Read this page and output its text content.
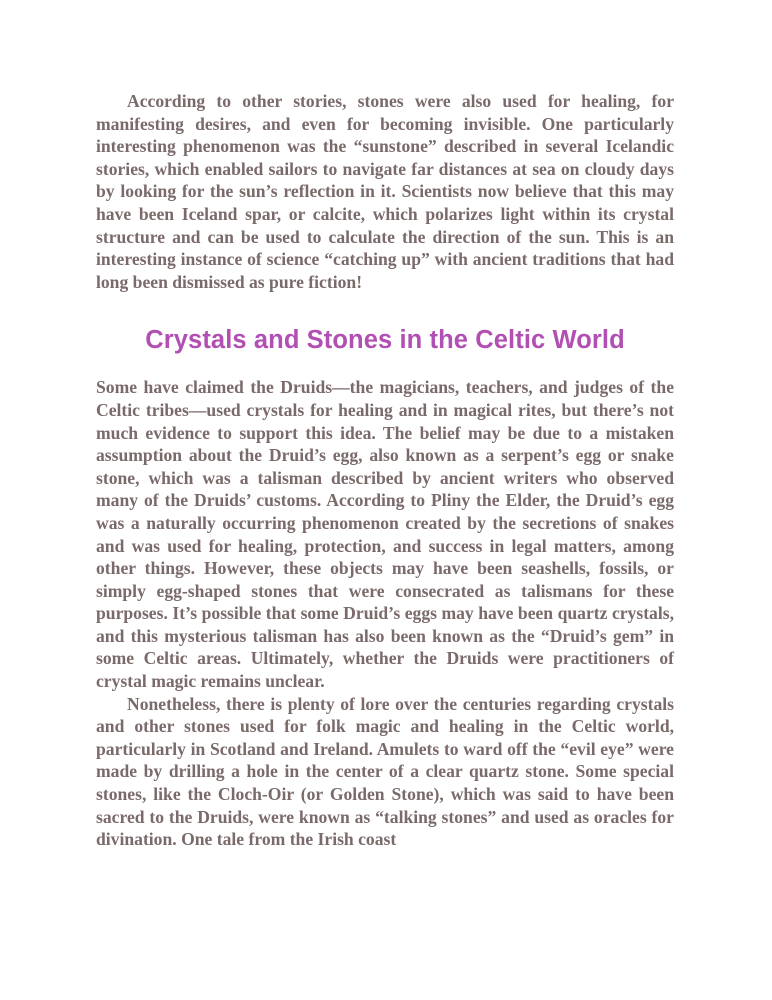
According to other stories, stones were also used for healing, for manifesting desires, and even for becoming invisible. One particularly interesting phenomenon was the “sunstone” described in several Icelandic stories, which enabled sailors to navigate far distances at sea on cloudy days by looking for the sun’s reflection in it. Scientists now believe that this may have been Iceland spar, or calcite, which polarizes light within its crystal structure and can be used to calculate the direction of the sun. This is an interesting instance of science “catching up” with ancient traditions that had long been dismissed as pure fiction!

Crystals and Stones in the Celtic World

Some have claimed the Druids—the magicians, teachers, and judges of the Celtic tribes—used crystals for healing and in magical rites, but there’s not much evidence to support this idea. The belief may be due to a mistaken assumption about the Druid’s egg, also known as a serpent’s egg or snake stone, which was a talisman described by ancient writers who observed many of the Druids’ customs. According to Pliny the Elder, the Druid’s egg was a naturally occurring phenomenon created by the secretions of snakes and was used for healing, protection, and success in legal matters, among other things. However, these objects may have been seashells, fossils, or simply egg-shaped stones that were consecrated as talismans for these purposes. It’s possible that some Druid’s eggs may have been quartz crystals, and this mysterious talisman has also been known as the “Druid’s gem” in some Celtic areas. Ultimately, whether the Druids were practitioners of crystal magic remains unclear.

Nonetheless, there is plenty of lore over the centuries regarding crystals and other stones used for folk magic and healing in the Celtic world, particularly in Scotland and Ireland. Amulets to ward off the “evil eye” were made by drilling a hole in the center of a clear quartz stone. Some special stones, like the Cloch-Oir (or Golden Stone), which was said to have been sacred to the Druids, were known as “talking stones” and used as oracles for divination. One tale from the Irish coast
